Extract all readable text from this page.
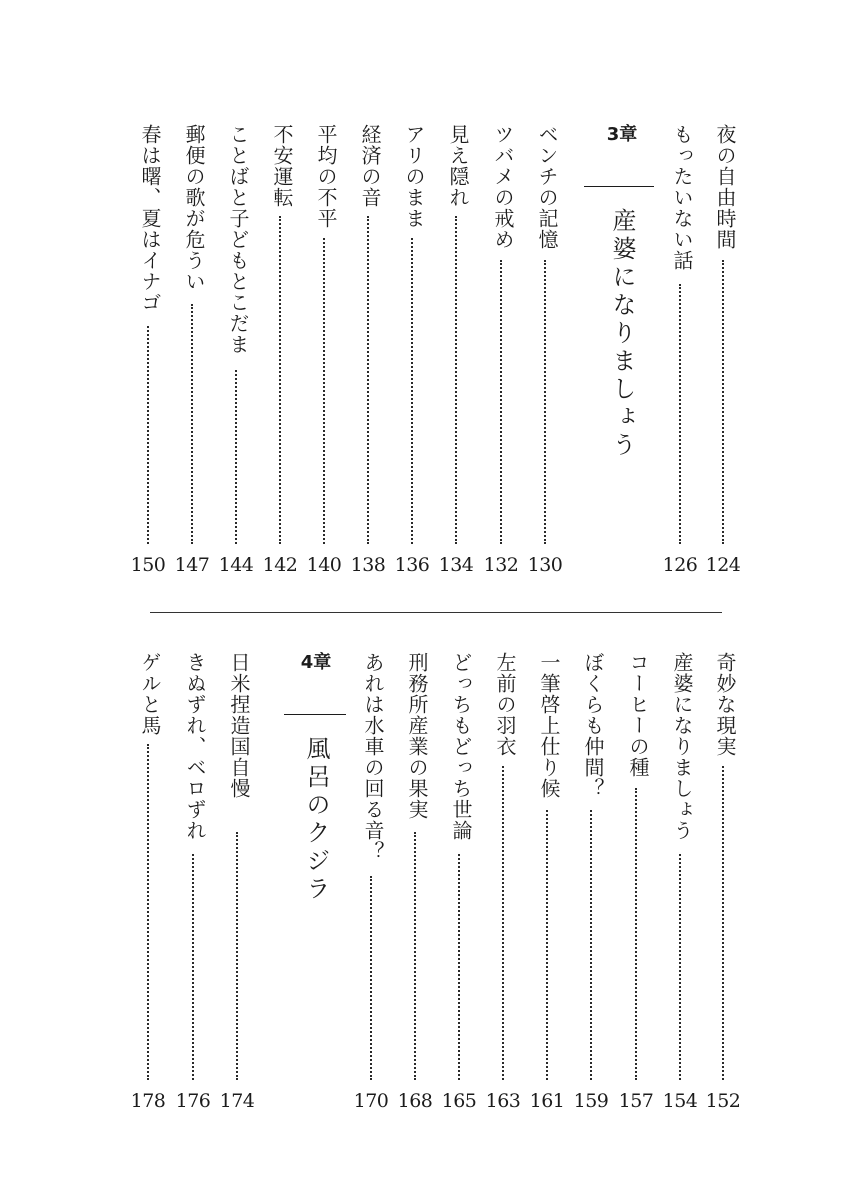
夜の自由時間
124
もったいない話
126
3章
産婆になりましょう
ベンチの記憶
130
ツバメの戒め
132
見え隠れ
134
アリのまま
136
経済の音
138
平均の不平
140
不安運転
142
ことばと子どもとこだま
144
郵便の歌が危うい
147
春は曙、夏はイナゴ
150
奇妙な現実
152
産婆になりましょう
154
コーヒーの種
157
ぼくらも仲間？
159
一筆啓上仕り候
161
左前の羽衣
163
どっちもどっち世論
165
刑務所産業の果実
168
あれは水車の回る音？
170
4章
風呂のクジラ
日米捏造国自慢
174
きぬずれ、ベロずれ
176
ゲルと馬
178
